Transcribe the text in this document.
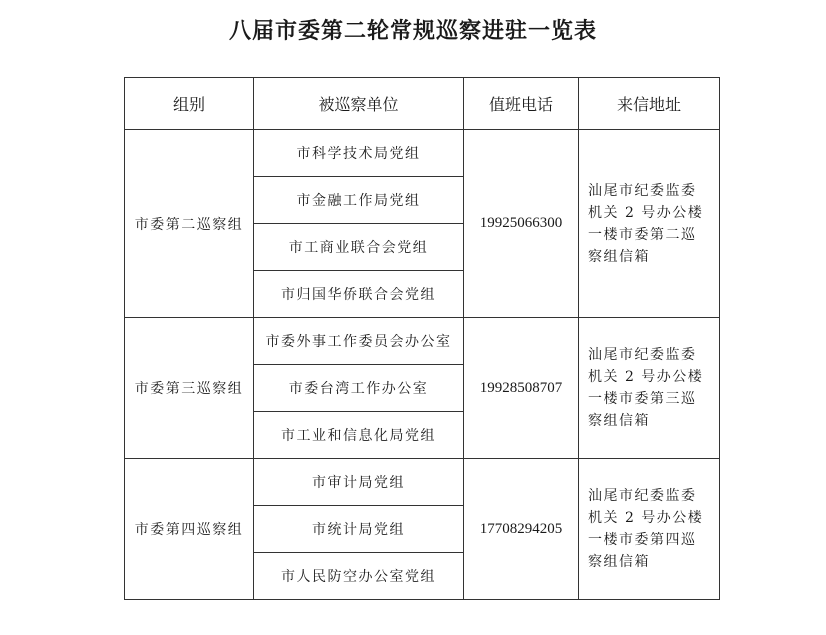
八届市委第二轮常规巡察进驻一览表
组别	被巡察单位	值班电话	来信地址
市委第二巡察组	市科学技术局党组	19925066300	汕尾市纪委监委
机关 2 号办公楼
一楼市委第二巡
察组信箱

	市金融工作局党组		
	市工商业联合会党组		
	市归国华侨联合会党组		
市委第三巡察组	市委外事工作委员会办公室	19928508707	汕尾市纪委监委
机关 2 号办公楼
一楼市委第三巡
察组信箱

	市委台湾工作办公室		
	市工业和信息化局党组		
市委第四巡察组	市审计局党组	17708294205	汕尾市纪委监委
机关 2 号办公楼
一楼市委第四巡
察组信箱

	市统计局党组		
	市人民防空办公室党组		
